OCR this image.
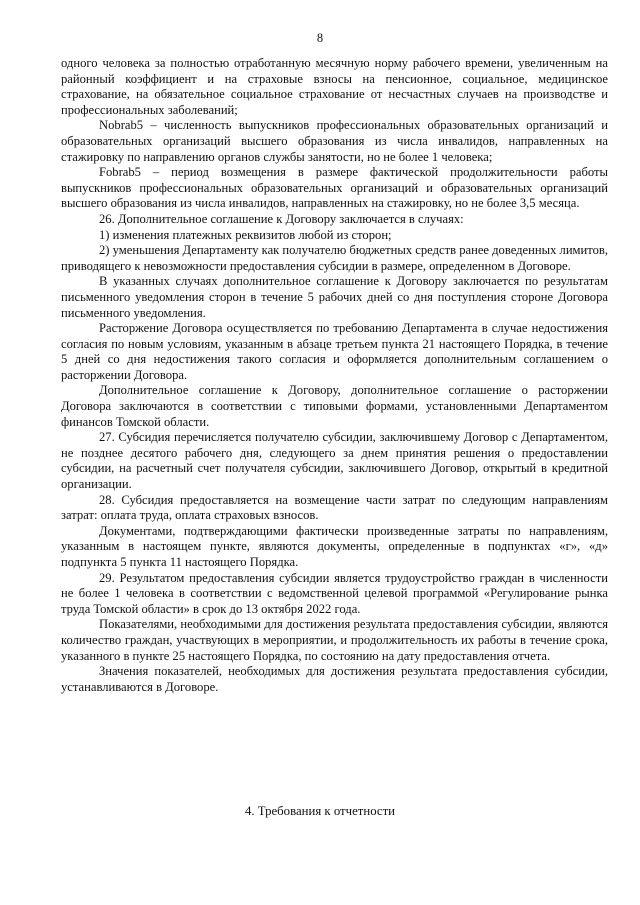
8

одного человека за полностью отработанную месячную норму рабочего времени, увеличенным на районный коэффициент и на страховые взносы на пенсионное, социальное, медицинское страхование, на обязательное социальное страхование от несчастных случаев на производстве и профессиональных заболеваний;

Nobrab5 – численность выпускников профессиональных образовательных организаций и образовательных организаций высшего образования из числа инвалидов, направленных на стажировку по направлению органов службы занятости, но не более 1 человека;

Fobrab5 – период возмещения в размере фактической продолжительности работы выпускников профессиональных образовательных организаций и образовательных организаций высшего образования из числа инвалидов, направленных на стажировку, но не более 3,5 месяца.

26. Дополнительное соглашение к Договору заключается в случаях:

1) изменения платежных реквизитов любой из сторон;

2) уменьшения Департаменту как получателю бюджетных средств ранее доведенных лимитов, приводящего к невозможности предоставления субсидии в размере, определенном в Договоре.

В указанных случаях дополнительное соглашение к Договору заключается по результатам письменного уведомления сторон в течение 5 рабочих дней со дня поступления стороне Договора письменного уведомления.

Расторжение Договора осуществляется по требованию Департамента в случае недостижения согласия по новым условиям, указанным в абзаце третьем пункта 21 настоящего Порядка, в течение 5 дней со дня недостижения такого согласия и оформляется дополнительным соглашением о расторжении Договора.

Дополнительное соглашение к Договору, дополнительное соглашение о расторжении Договора заключаются в соответствии с типовыми формами, установленными Департаментом финансов Томской области.

27. Субсидия перечисляется получателю субсидии, заключившему Договор с Департаментом, не позднее десятого рабочего дня, следующего за днем принятия решения о предоставлении субсидии, на расчетный счет получателя субсидии, заключившего Договор, открытый в кредитной организации.

28. Субсидия предоставляется на возмещение части затрат по следующим направлениям затрат: оплата труда, оплата страховых взносов.

Документами, подтверждающими фактически произведенные затраты по направлениям, указанным в настоящем пункте, являются документы, определенные в подпунктах «г», «д» подпункта 5 пункта 11 настоящего Порядка.

29. Результатом предоставления субсидии является трудоустройство граждан в численности не более 1 человека в соответствии с ведомственной целевой программой «Регулирование рынка труда Томской области» в срок до 13 октября 2022 года.

Показателями, необходимыми для достижения результата предоставления субсидии, являются количество граждан, участвующих в мероприятии, и продолжительность их работы в течение срока, указанного в пункте 25 настоящего Порядка, по состоянию на дату предоставления отчета.

Значения показателей, необходимых для достижения результата предоставления субсидии, устанавливаются в Договоре.

4. Требования к отчетности
